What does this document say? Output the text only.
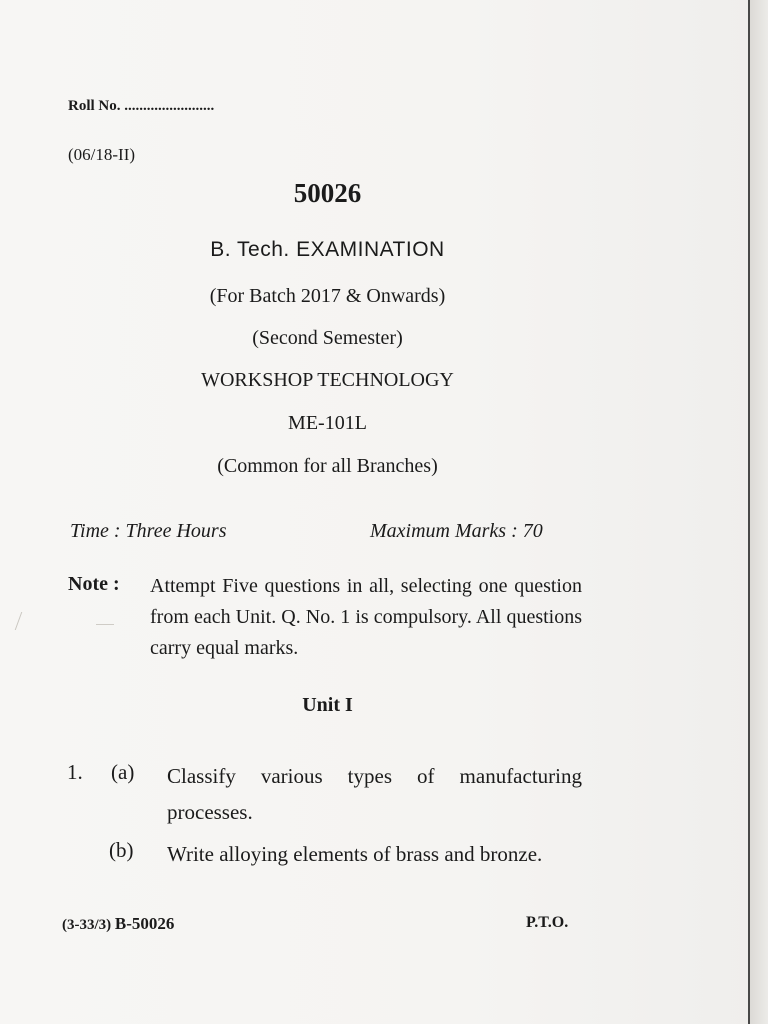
Roll No. ........................
(06/18-II)
50026
B. Tech. EXAMINATION
(For Batch 2017 & Onwards)
(Second Semester)
WORKSHOP TECHNOLOGY
ME-101L
(Common for all Branches)
Time : Three Hours	Maximum Marks : 70
Note : Attempt Five questions in all, selecting one question from each Unit. Q. No. 1 is compulsory. All questions carry equal marks.
Unit I
1. (a) Classify various types of manufacturing processes.
(b) Write alloying elements of brass and bronze.
(3-33/3) B-50026	P.T.O.
